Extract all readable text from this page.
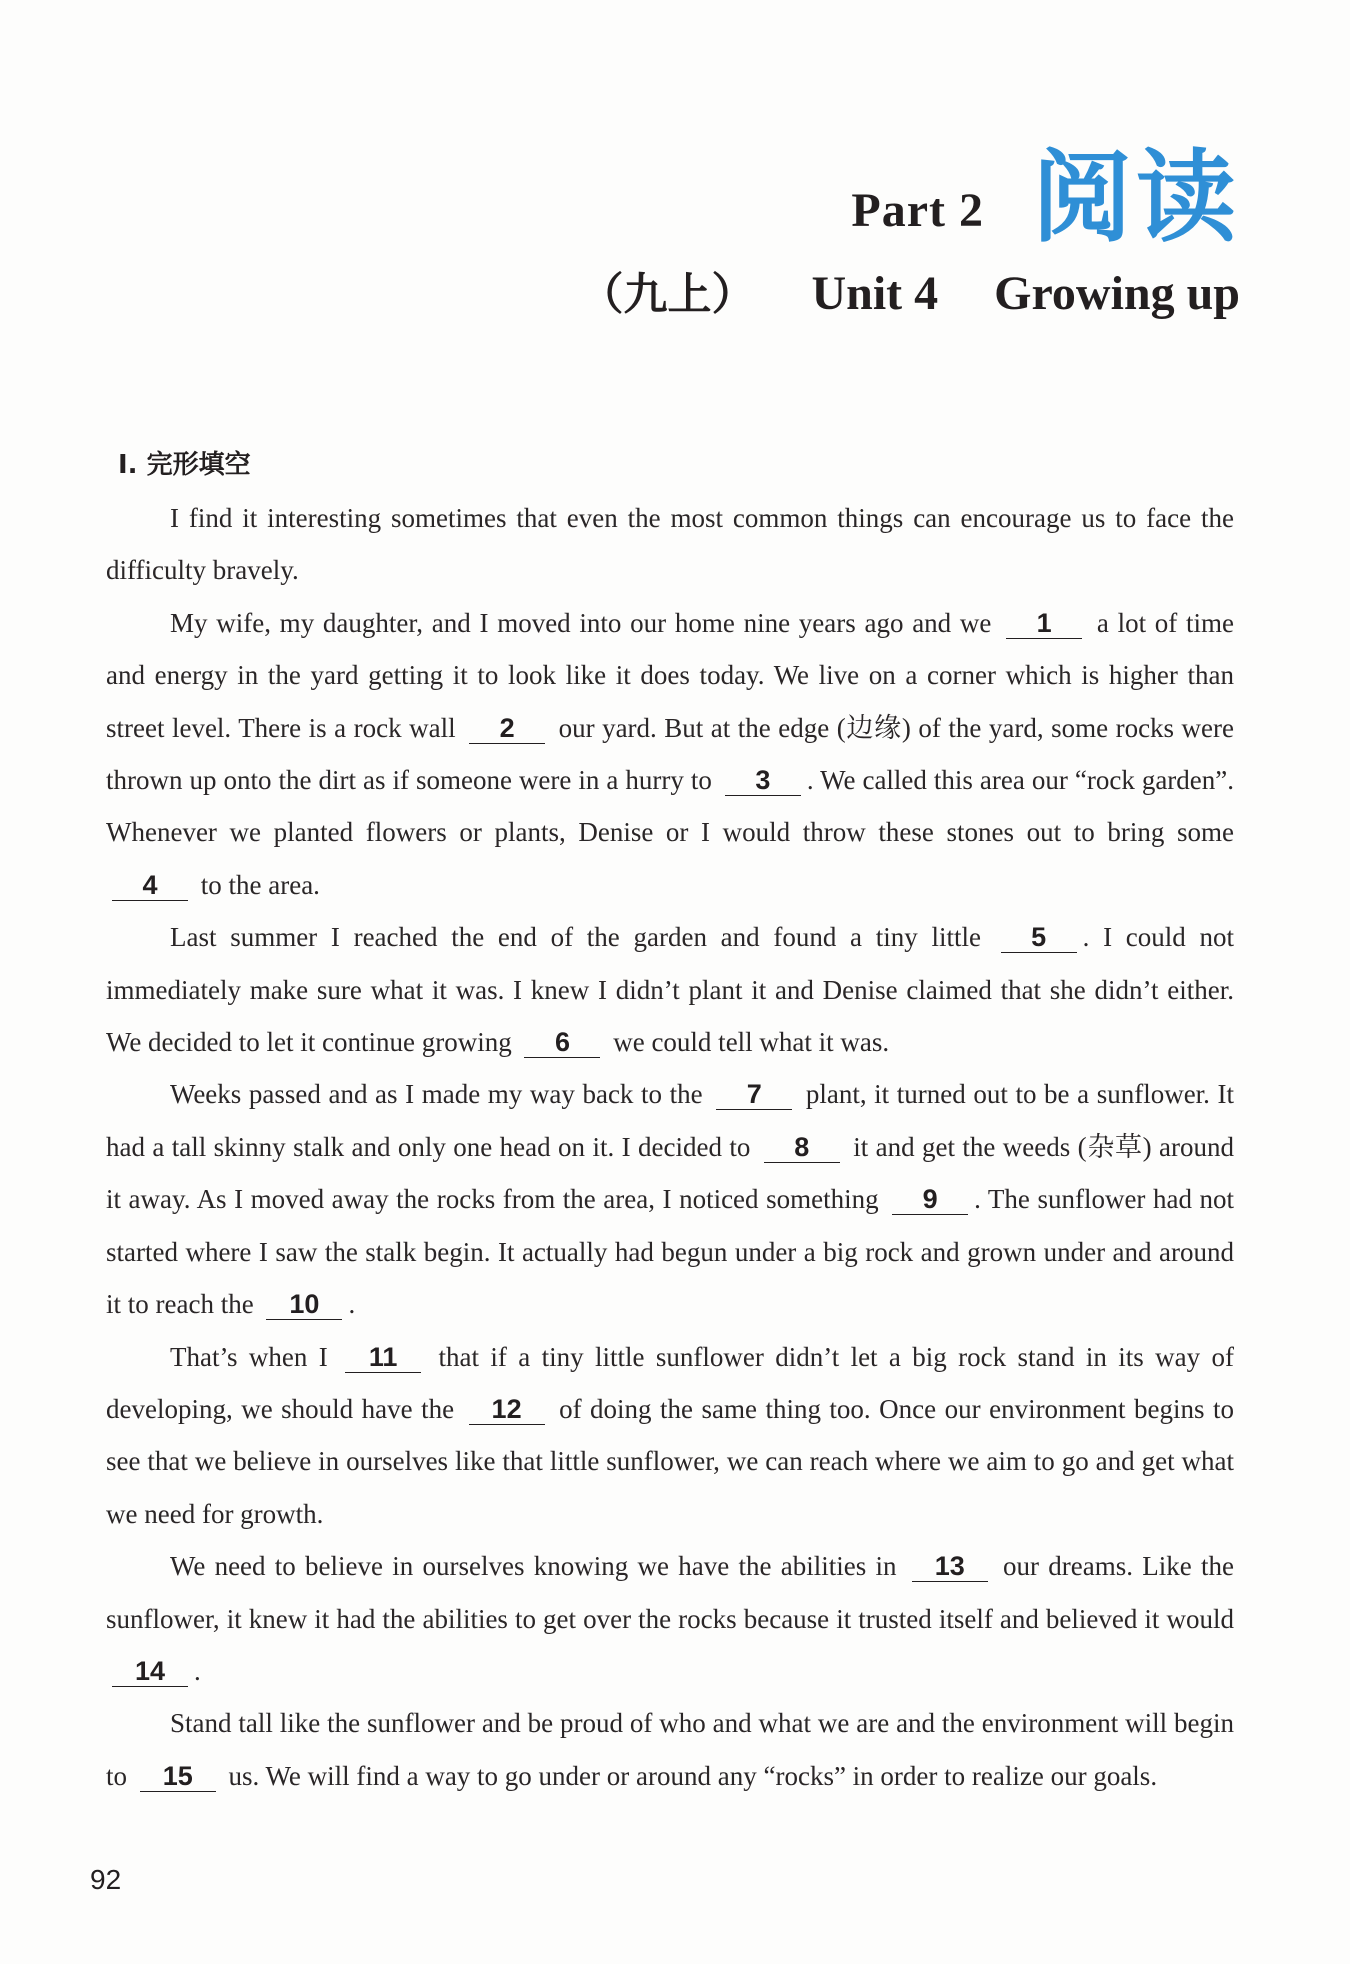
Part 2 阅读
（九上） Unit 4 Growing up
Ⅰ. 完形填空

I find it interesting sometimes that even the most common things can encourage us to face the difficulty bravely.

My wife, my daughter, and I moved into our home nine years ago and we 1 a lot of time and energy in the yard getting it to look like it does today. We live on a corner which is higher than street level. There is a rock wall 2 our yard. But at the edge (边缘) of the yard, some rocks were thrown up onto the dirt as if someone were in a hurry to 3 . We called this area our “rock garden”. Whenever we planted flowers or plants, Denise or I would throw these stones out to bring some 4 to the area.

Last summer I reached the end of the garden and found a tiny little 5 . I could not immediately make sure what it was. I knew I didn’t plant it and Denise claimed that she didn’t either. We decided to let it continue growing 6 we could tell what it was.

Weeks passed and as I made my way back to the 7 plant, it turned out to be a sunflower. It had a tall skinny stalk and only one head on it. I decided to 8 it and get the weeds (杂草) around it away. As I moved away the rocks from the area, I noticed something 9 . The sunflower had not started where I saw the stalk begin. It actually had begun under a big rock and grown under and around it to reach the 10 .

That’s when I 11 that if a tiny little sunflower didn’t let a big rock stand in its way of developing, we should have the 12 of doing the same thing too. Once our environment begins to see that we believe in ourselves like that little sunflower, we can reach where we aim to go and get what we need for growth.

We need to believe in ourselves knowing we have the abilities in 13 our dreams. Like the sunflower, it knew it had the abilities to get over the rocks because it trusted itself and believed it would 14 .

Stand tall like the sunflower and be proud of who and what we are and the environment will begin to 15 us. We will find a way to go under or around any “rocks” in order to realize our goals.

92
